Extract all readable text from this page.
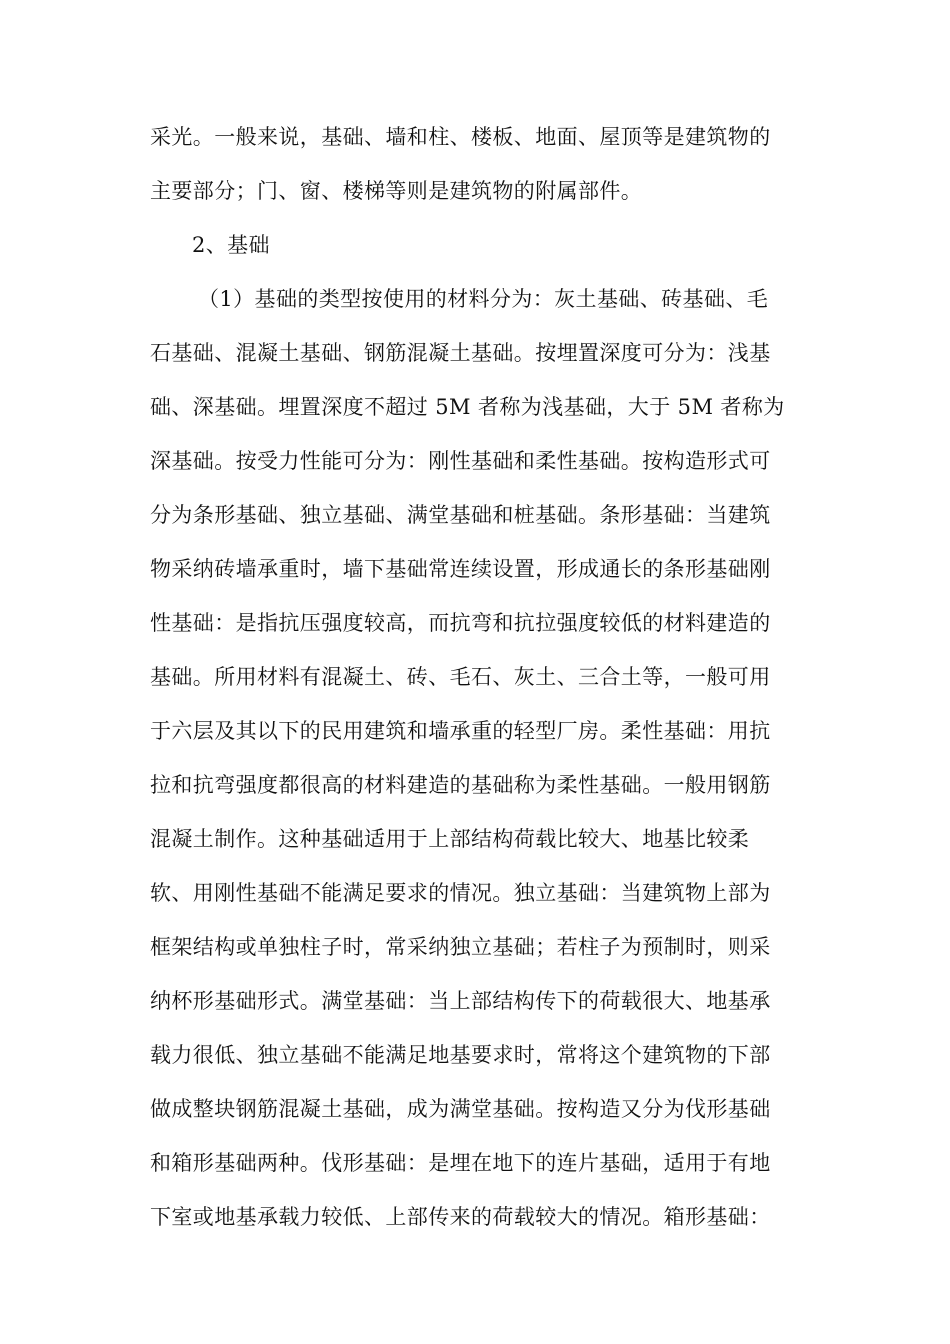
采光。一般来说，基础、墙和柱、楼板、地面、屋顶等是建筑物的
主要部分；门、窗、楼梯等则是建筑物的附属部件。
2、基础
（1）基础的类型按使用的材料分为：灰土基础、砖基础、毛
石基础、混凝土基础、钢筋混凝土基础。按埋置深度可分为：浅基
础、深基础。埋置深度不超过 5M 者称为浅基础，大于 5M 者称为
深基础。按受力性能可分为：刚性基础和柔性基础。按构造形式可
分为条形基础、独立基础、满堂基础和桩基础。条形基础：当建筑
物采纳砖墙承重时，墙下基础常连续设置，形成通长的条形基础刚
性基础：是指抗压强度较高，而抗弯和抗拉强度较低的材料建造的
基础。所用材料有混凝土、砖、毛石、灰土、三合土等，一般可用
于六层及其以下的民用建筑和墙承重的轻型厂房。柔性基础：用抗
拉和抗弯强度都很高的材料建造的基础称为柔性基础。一般用钢筋
混凝土制作。这种基础适用于上部结构荷载比较大、地基比较柔
软、用刚性基础不能满足要求的情况。独立基础：当建筑物上部为
框架结构或单独柱子时，常采纳独立基础；若柱子为预制时，则采
纳杯形基础形式。满堂基础：当上部结构传下的荷载很大、地基承
载力很低、独立基础不能满足地基要求时，常将这个建筑物的下部
做成整块钢筋混凝土基础，成为满堂基础。按构造又分为伐形基础
和箱形基础两种。伐形基础：是埋在地下的连片基础，适用于有地
下室或地基承载力较低、上部传来的荷载较大的情况。箱形基础：
